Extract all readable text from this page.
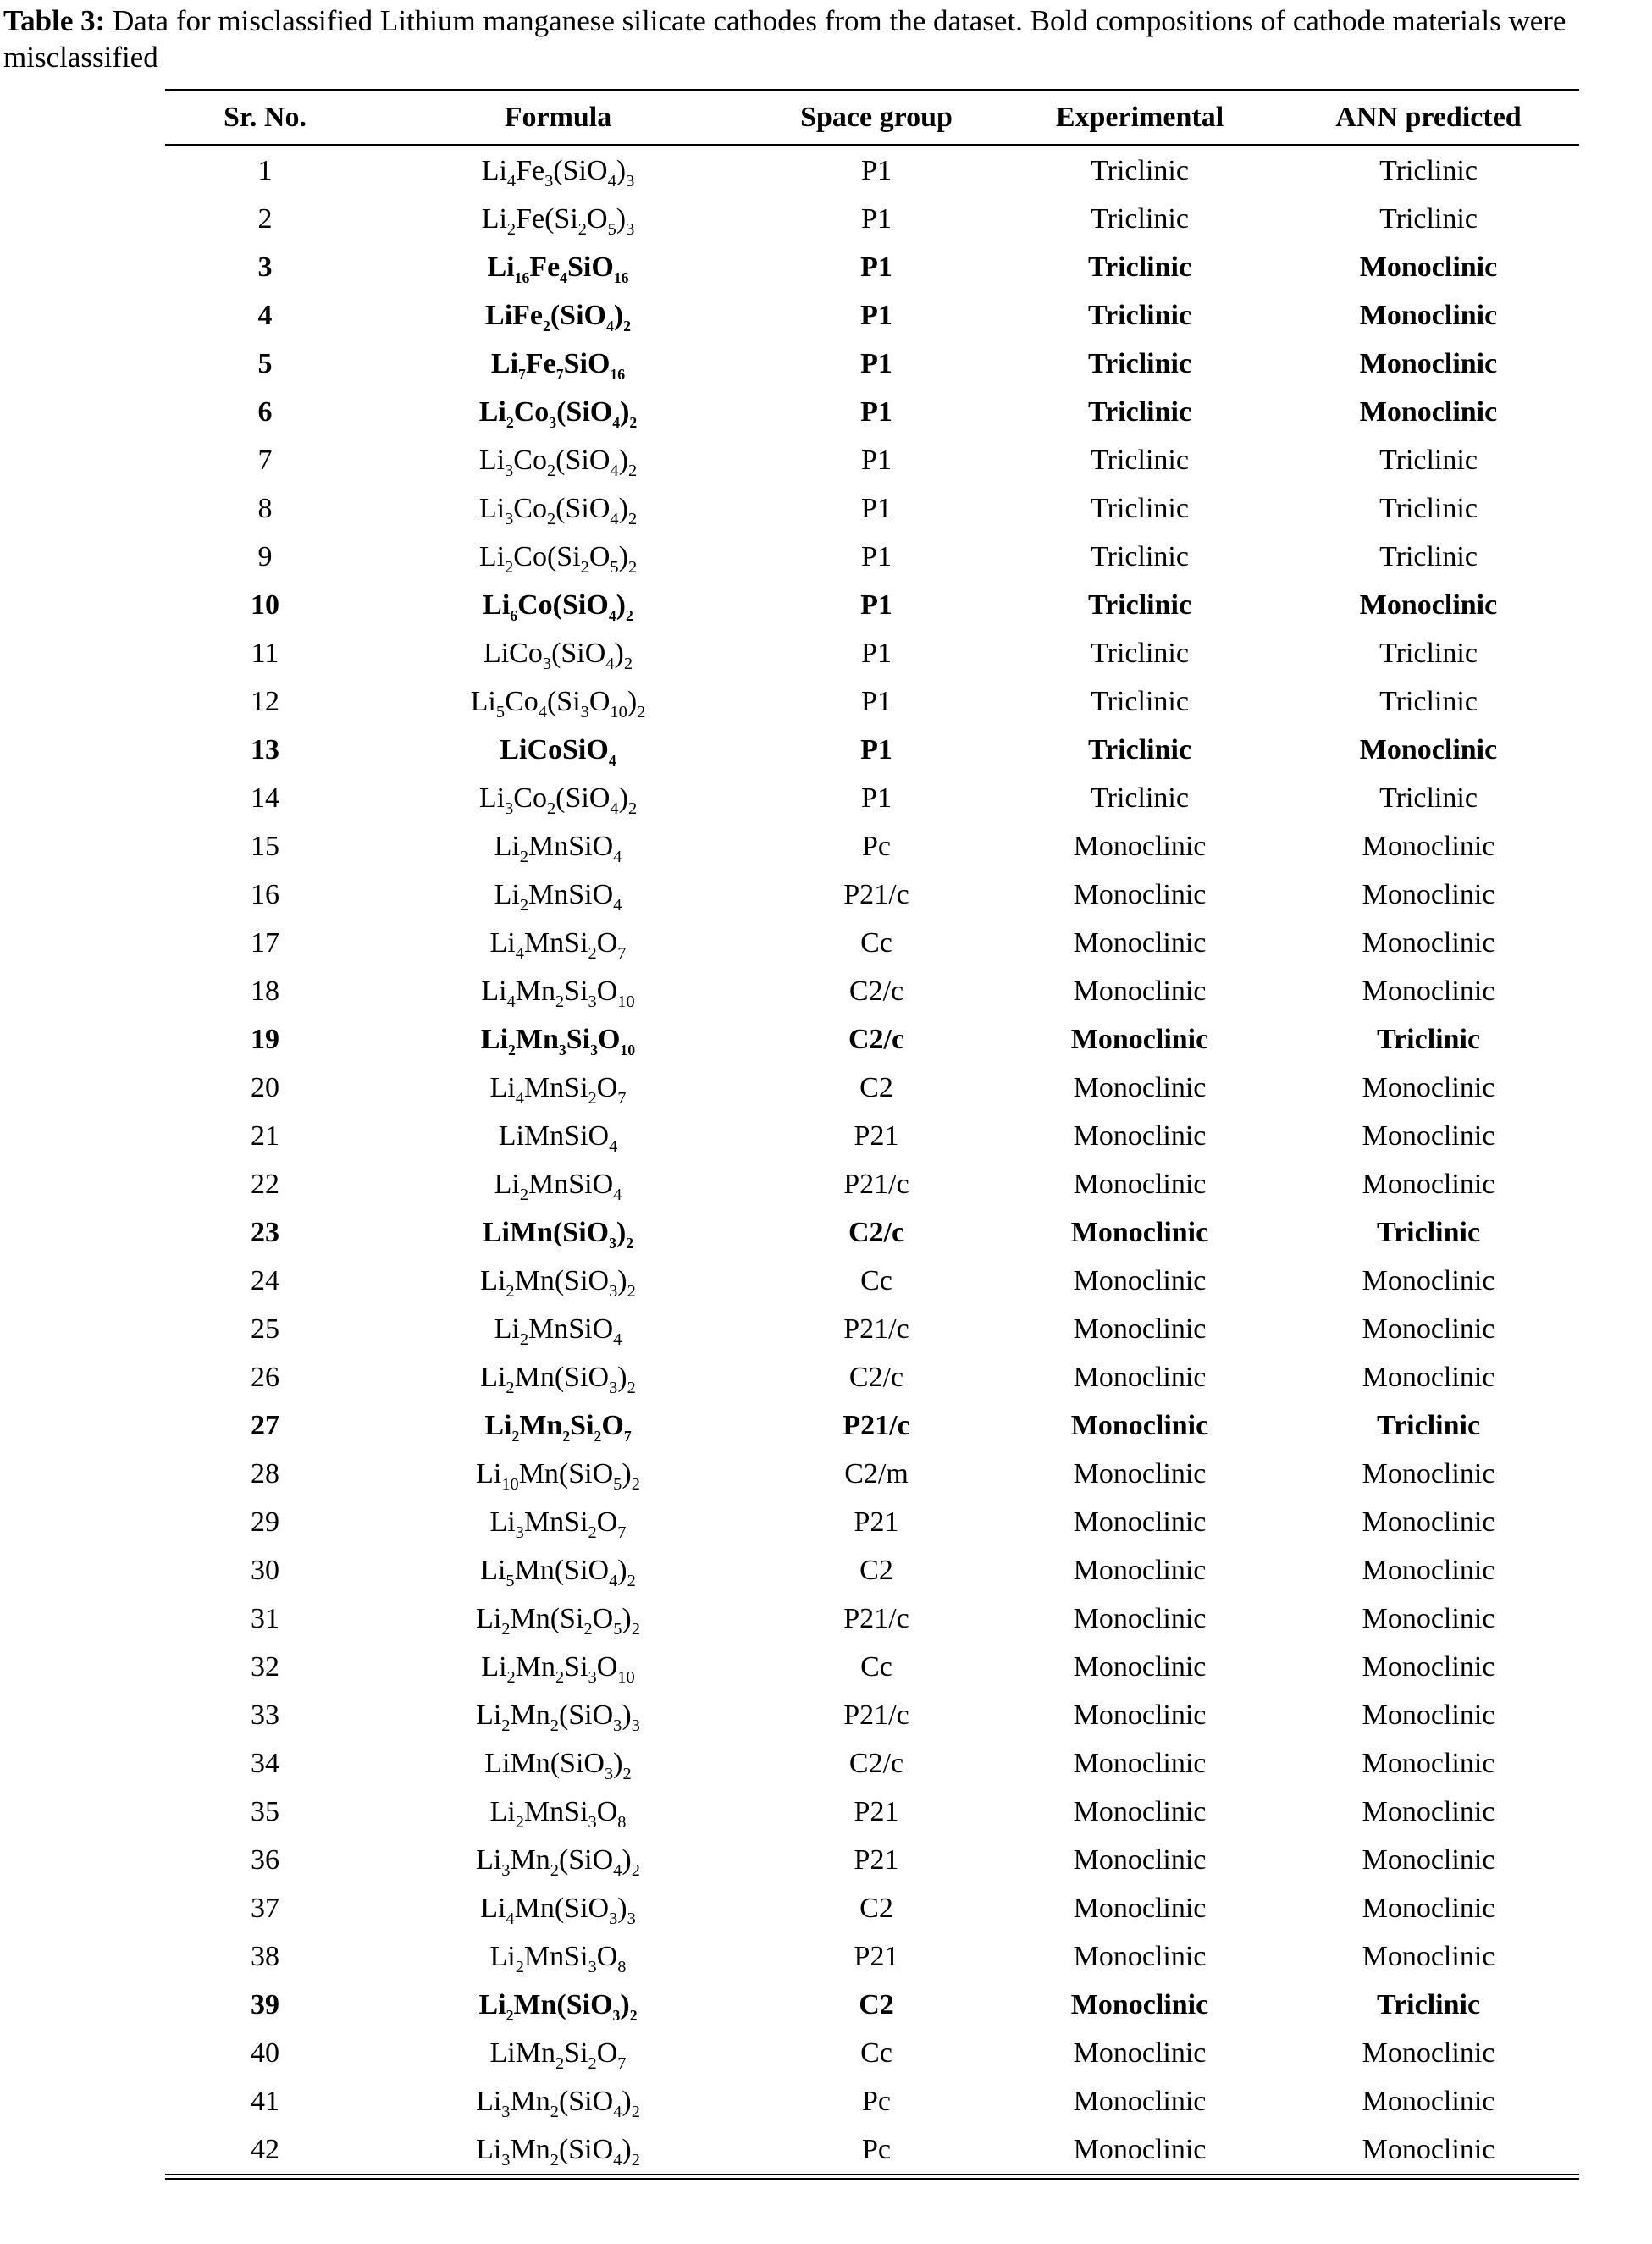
Table 3: Data for misclassified Lithium manganese silicate cathodes from the dataset. Bold compositions of cathode materials were misclassified
Sr. No.	Formula	Space group	Experimental	ANN predicted
1	$Li_4Fe_3(SiO_4)_3$	P1	Triclinic	Triclinic
2	$Li_2Fe(Si_2O_5)_3$	P1	Triclinic	Triclinic
3	$Li_{16}Fe_4SiO_{16}$	P1	Triclinic	Monoclinic
4	$LiFe_2(SiO_4)_2$	P1	Triclinic	Monoclinic
5	$Li_7Fe_7SiO_{16}$	P1	Triclinic	Monoclinic
6	$Li_2Co_3(SiO_4)_2$	P1	Triclinic	Monoclinic
7	$Li_3Co_2(SiO_4)_2$	P1	Triclinic	Triclinic
8	$Li_3Co_2(SiO_4)_2$	P1	Triclinic	Triclinic
9	$Li_2Co(Si_2O_5)_2$	P1	Triclinic	Triclinic
10	$Li_6Co(SiO_4)_2$	P1	Triclinic	Monoclinic
11	$LiCo_3(SiO_4)_2$	P1	Triclinic	Triclinic
12	$Li_5Co_4(Si_3O_{10})_2$	P1	Triclinic	Triclinic
13	LiCoSiO$_4$	P1	Triclinic	Monoclinic
14	$Li_3Co_2(SiO_4)_2$	P1	Triclinic	Triclinic
15	$Li_2MnSiO_4$	Pc	Monoclinic	Monoclinic
16	$Li_2MnSiO_4$	P21/c	Monoclinic	Monoclinic
17	$Li_4MnSi_2O_7$	Cc	Monoclinic	Monoclinic
18	$Li_4Mn_2Si_3O_{10}$	C2/c	Monoclinic	Monoclinic
19	$Li_2Mn_3Si_3O_{10}$	C2/c	Monoclinic	Triclinic
20	$Li_4MnSi_2O_7$	C2	Monoclinic	Monoclinic
21	LiMnSiO$_4$	P21	Monoclinic	Monoclinic
22	$Li_2MnSiO_4$	P21/c	Monoclinic	Monoclinic
23	$LiMn(SiO_3)_2$	C2/c	Monoclinic	Triclinic
24	$Li_2Mn(SiO_3)_2$	Cc	Monoclinic	Monoclinic
25	$Li_2MnSiO_4$	P21/c	Monoclinic	Monoclinic
26	$Li_2Mn(SiO_3)_2$	C2/c	Monoclinic	Monoclinic
27	$Li_2Mn_2Si_2O_7$	P21/c	Monoclinic	Triclinic
28	$Li_{10}Mn(SiO_5)_2$	C2/m	Monoclinic	Monoclinic
29	$Li_3MnSi_2O_7$	P21	Monoclinic	Monoclinic
30	$Li_5Mn(SiO_4)_2$	C2	Monoclinic	Monoclinic
31	$Li_2Mn(Si_2O_5)_2$	P21/c	Monoclinic	Monoclinic
32	$Li_2Mn_2Si_3O_{10}$	Cc	Monoclinic	Monoclinic
33	$Li_2Mn_2(SiO_3)_3$	P21/c	Monoclinic	Monoclinic
34	$LiMn(SiO_3)_2$	C2/c	Monoclinic	Monoclinic
35	$Li_2MnSi_3O_8$	P21	Monoclinic	Monoclinic
36	$Li_3Mn_2(SiO_4)_2$	P21	Monoclinic	Monoclinic
37	$Li_4Mn(SiO_3)_3$	C2	Monoclinic	Monoclinic
38	$Li_2MnSi_3O_8$	P21	Monoclinic	Monoclinic
39	$Li_2Mn(SiO_3)_2$	C2	Monoclinic	Triclinic
40	$LiMn_2Si_2O_7$	Cc	Monoclinic	Monoclinic
41	$Li_3Mn_2(SiO_4)_2$	Pc	Monoclinic	Monoclinic
42	$Li_3Mn_2(SiO_4)_2$	Pc	Monoclinic	Monoclinic
